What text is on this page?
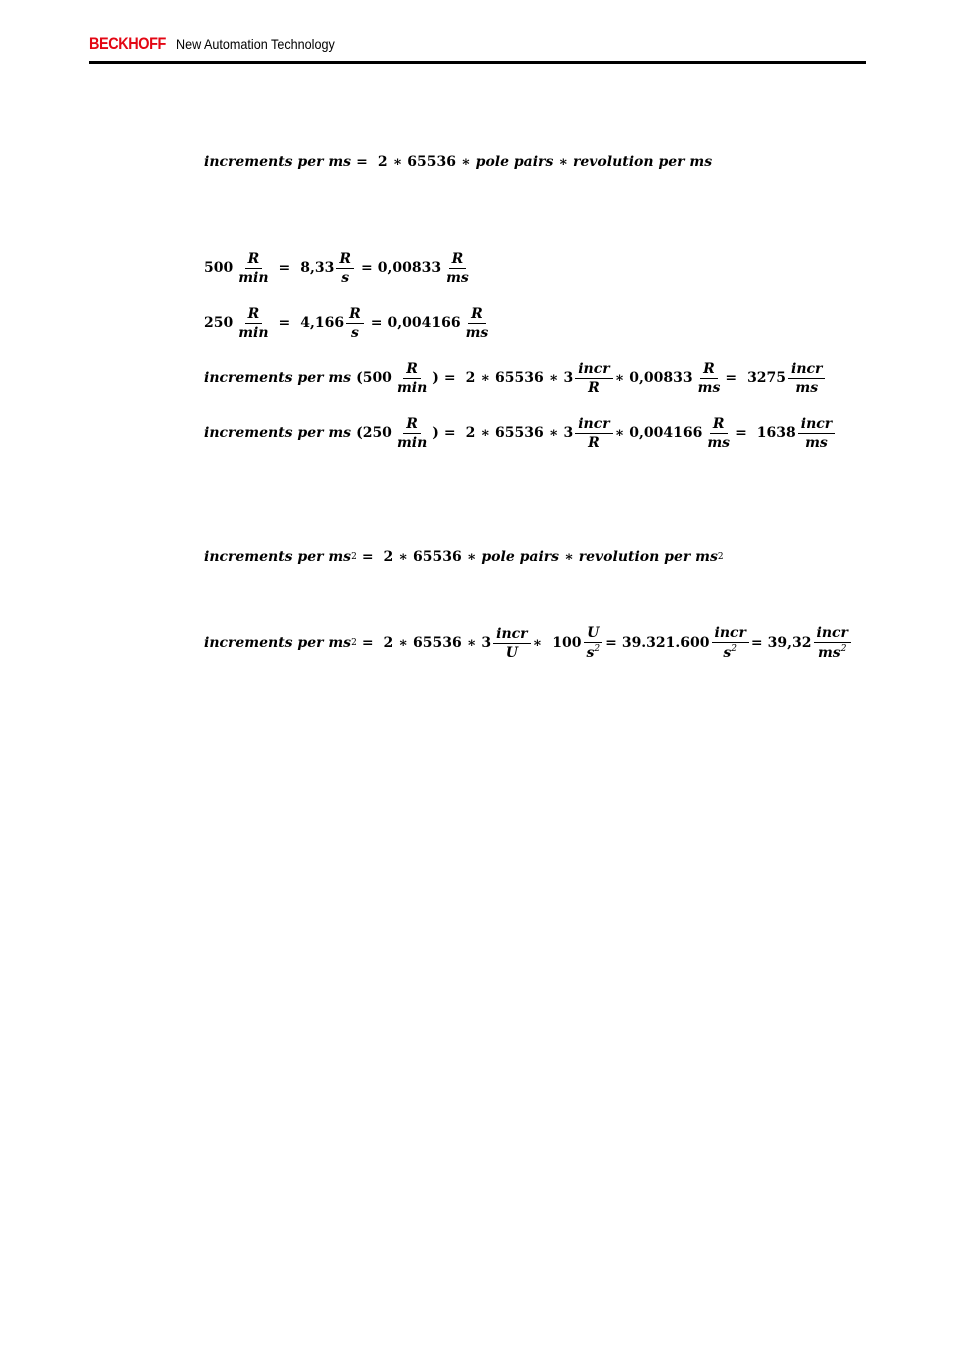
BECKHOFF New Automation Technology
increments per ms = 2 ∗ 65536 ∗ pole pairs ∗ revolution per ms
$500 \frac{R}{\min} = 8,33 \frac{R}{s} = 0,00833 \frac{R}{ms}$
$250 \frac{R}{\min} = 4,166 \frac{R}{s} = 0,004166 \frac{R}{ms}$
increments per ms ( $500 \frac{R}{\min}$ )
= 2 ∗ 65536 ∗ $3 \frac{\text{incr}}{R}$ ∗ $0,00833 \frac{R}{ms} = 3275 \frac{\text{incr}}{ms}$
increments per ms ( $250 \frac{R}{\min}$ )
= 2 ∗ 65536 ∗ $3 \frac{\text{incr}}{R}$ ∗ $0,004166 \frac{R}{ms} = 1638 \frac{\text{incr}}{ms}$
increments per ms 2 = 2 ∗ 65536 ∗ pole pairs ∗ revolution per ms 2
increments per ms 2 = 2 ∗ 65536 ∗ $3 \frac{\text{incr}}{U}$ ∗ $100 \frac{U}{s^2} = 39.321.600 \frac{\text{incr}}{s^2} = 39,32 \frac{\text{incr}}{ms^2}$
